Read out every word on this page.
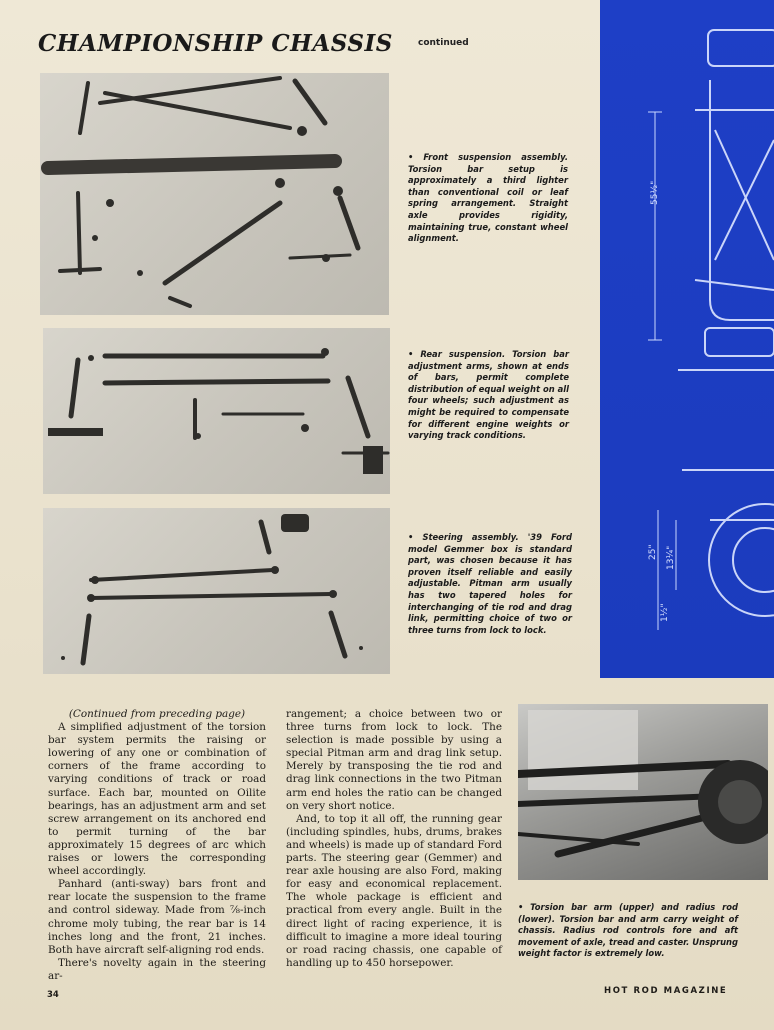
CHAMPIONSHIP CHASSIS	continued

• Front suspension assembly. Torsion bar setup is approximately a third lighter than conventional coil or leaf spring arrangement. Straight axle provides rigidity, maintaining true, constant wheel alignment.

• Rear suspension. Torsion bar adjustment arms, shown at ends of bars, permit complete distribution of equal weight on all four wheels; such adjustment as might be required to compensate for different engine weights or varying track conditions.

• Steering assembly. '39 Ford model Gemmer box is standard part, was chosen because it has proven itself reliable and easily adjustable. Pitman arm usually has two tapered holes for interchanging of tie rod and drag link, permitting choice of two or three turns from lock to lock.

55½"
25" 13¼"
1½"

• Torsion bar arm (upper) and radius rod (lower). Torsion bar and arm carry weight of chassis. Radius rod controls fore and aft movement of axle, tread and caster. Unsprung weight factor is extremely low.

(Continued from preceding page)

A simplified adjustment of the torsion bar system permits the raising or lowering of any one or combination of corners of the frame according to varying conditions of track or road surface. Each bar, mounted on Oilite bearings, has an adjustment arm and set screw arrangement on its anchored end to permit turning of the bar approximately 15 degrees of arc which raises or lowers the corresponding wheel accordingly.

Panhard (anti-sway) bars front and rear locate the suspension to the frame and control sideway. Made from ⅞-inch chrome moly tubing, the rear bar is 14 inches long and the front, 21 inches. Both have aircraft self-aligning rod ends.

There's novelty again in the steering ar-

rangement; a choice between two or three turns from lock to lock. The selection is made possible by using a special Pitman arm and drag link setup. Merely by transposing the tie rod and drag link connections in the two Pitman arm end holes the ratio can be changed on very short notice.

And, to top it all off, the running gear (including spindles, hubs, drums, brakes and wheels) is made up of standard Ford parts. The steering gear (Gemmer) and rear axle housing are also Ford, making for easy and economical replacement. The whole package is efficient and practical from every angle. Built in the direct light of racing experience, it is difficult to imagine a more ideal touring or road racing chassis, one capable of handling up to 450 horsepower.

34	HOT ROD MAGAZINE
